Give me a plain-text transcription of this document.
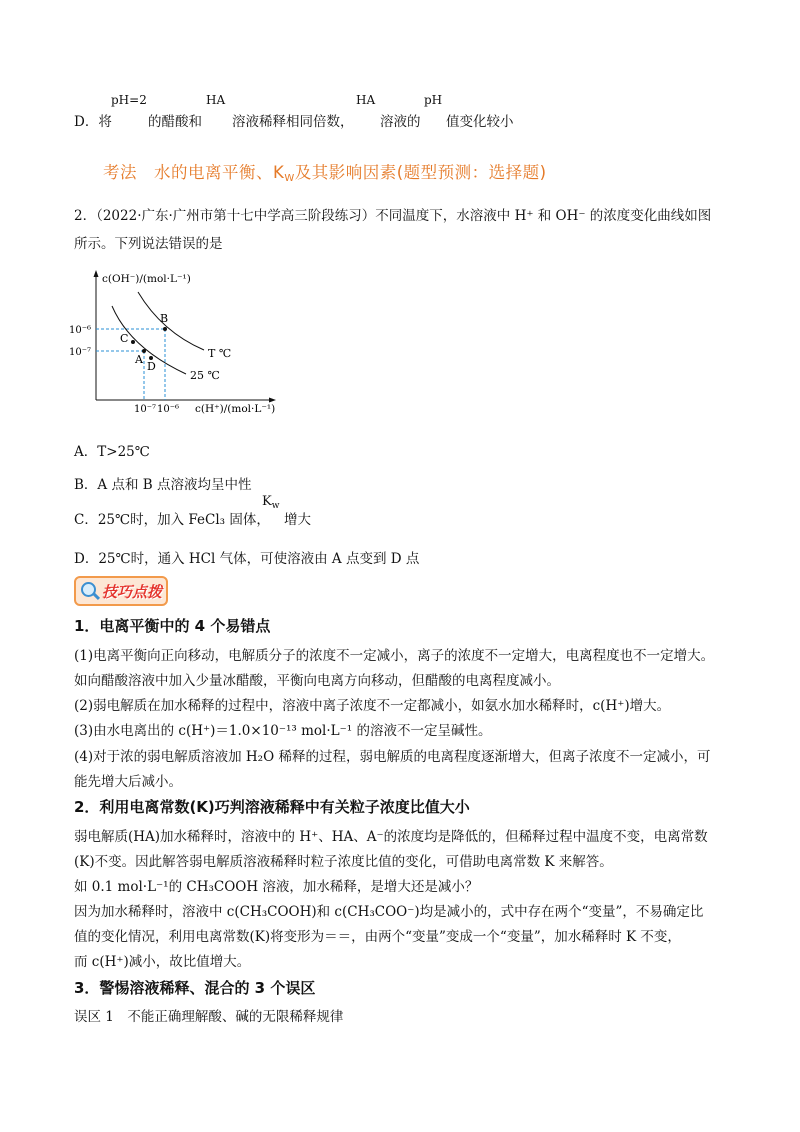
D．将
pH=2
的醋酸和
HA
溶液稀释相同倍数，
HA
溶液的
pH
值变化较小
考法　水的电离平衡、KW及其影响因素(题型预测：选择题)
2．（2022·广东·广州市第十七中学高三阶段练习）不同温度下，水溶液中 H⁺ 和 OH⁻ 的浓度变化曲线如图
所示。下列说法错误的是
c(OH⁻)/(mol·L⁻¹)
c(H⁺)/(mol·L⁻¹)
10⁻⁶
10⁻⁷
10⁻⁷ 10⁻⁶
B
C
A
D
T ℃
25 ℃
A．T>25℃
B．A 点和 B 点溶液均呈中性
C．25℃时，加入 FeCl₃ 固体，
$K_w$
增大
D．25℃时，通入 HCl 气体，可使溶液由 A 点变到 D 点
技巧点拨
1．电离平衡中的 4 个易错点
(1)电离平衡向正向移动，电解质分子的浓度不一定减小，离子的浓度不一定增大，电离程度也不一定增大。
如向醋酸溶液中加入少量冰醋酸，平衡向电离方向移动，但醋酸的电离程度减小。
(2)弱电解质在加水稀释的过程中，溶液中离子浓度不一定都减小，如氨水加水稀释时，c(H⁺)增大。
(3)由水电离出的 c(H⁺)＝1.0×10⁻¹³ mol·L⁻¹ 的溶液不一定呈碱性。
(4)对于浓的弱电解质溶液加 H₂O 稀释的过程，弱电解质的电离程度逐渐增大，但离子浓度不一定减小，可
能先增大后减小。
2．利用电离常数(K)巧判溶液稀释中有关粒子浓度比值大小
弱电解质(HA)加水稀释时，溶液中的 H⁺、HA、A⁻的浓度均是降低的，但稀释过程中温度不变，电离常数
(K)不变。因此解答弱电解质溶液稀释时粒子浓度比值的变化，可借助电离常数 K 来解答。
如 0.1 mol·L⁻¹的 CH₃COOH 溶液，加水稀释，是增大还是减小？
因为加水稀释时，溶液中 c(CH₃COOH)和 c(CH₃COO⁻)均是减小的，式中存在两个“变量”，不易确定比
值的变化情况，利用电离常数(K)将变形为＝＝，由两个“变量”变成一个“变量”，加水稀释时 K 不变，
而 c(H⁺)减小，故比值增大。
3．警惕溶液稀释、混合的 3 个误区
误区 1　不能正确理解酸、碱的无限稀释规律
